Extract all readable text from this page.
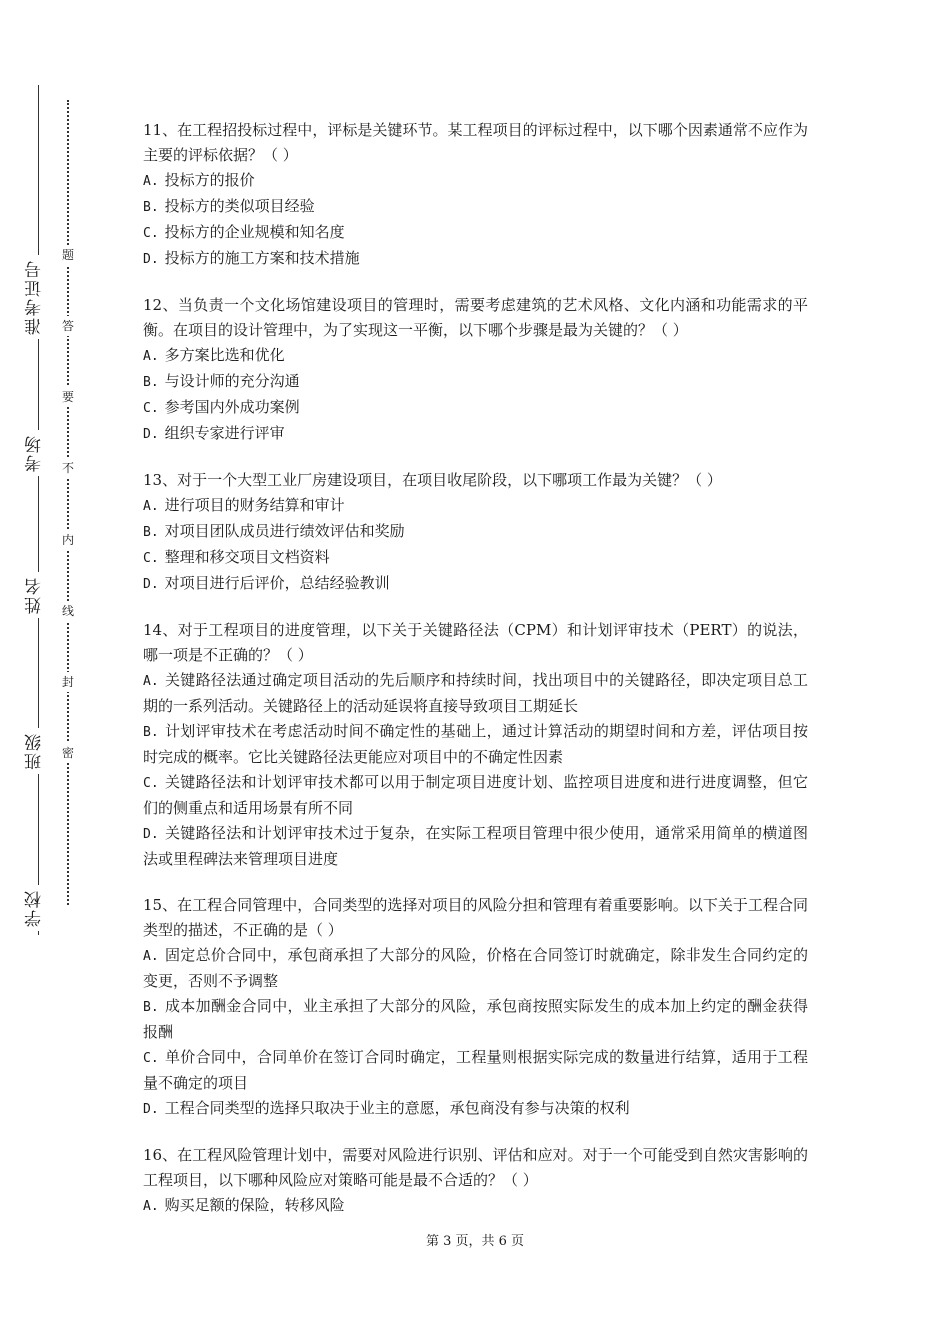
准考证号
考场
姓名
班级
学校
题
答
要
不
内
线
封
密

11、在工程招投标过程中，评标是关键环节。某工程项目的评标过程中，以下哪个因素通常不应作为主要的评标依据？（ ）

A. 投标方的报价
B. 投标方的类似项目经验
C. 投标方的企业规模和知名度
D. 投标方的施工方案和技术措施

12、当负责一个文化场馆建设项目的管理时，需要考虑建筑的艺术风格、文化内涵和功能需求的平衡。在项目的设计管理中，为了实现这一平衡，以下哪个步骤是最为关键的？（ ）

A. 多方案比选和优化
B. 与设计师的充分沟通
C. 参考国内外成功案例
D. 组织专家进行评审

13、对于一个大型工业厂房建设项目，在项目收尾阶段，以下哪项工作最为关键？（ ）

A. 进行项目的财务结算和审计
B. 对项目团队成员进行绩效评估和奖励
C. 整理和移交项目文档资料
D. 对项目进行后评价，总结经验教训

14、对于工程项目的进度管理，以下关于关键路径法（CPM）和计划评审技术（PERT）的说法，哪一项是不正确的？（ ）

A. 关键路径法通过确定项目活动的先后顺序和持续时间，找出项目中的关键路径，即决定项目总工期的一系列活动。关键路径上的活动延误将直接导致项目工期延长
B. 计划评审技术在考虑活动时间不确定性的基础上，通过计算活动的期望时间和方差，评估项目按时完成的概率。它比关键路径法更能应对项目中的不确定性因素
C. 关键路径法和计划评审技术都可以用于制定项目进度计划、监控项目进度和进行进度调整，但它们的侧重点和适用场景有所不同
D. 关键路径法和计划评审技术过于复杂，在实际工程项目管理中很少使用，通常采用简单的横道图法或里程碑法来管理项目进度

15、在工程合同管理中，合同类型的选择对项目的风险分担和管理有着重要影响。以下关于工程合同类型的描述，不正确的是（ ）

A. 固定总价合同中，承包商承担了大部分的风险，价格在合同签订时就确定，除非发生合同约定的变更，否则不予调整
B. 成本加酬金合同中，业主承担了大部分的风险，承包商按照实际发生的成本加上约定的酬金获得报酬
C. 单价合同中，合同单价在签订合同时确定，工程量则根据实际完成的数量进行结算，适用于工程量不确定的项目
D. 工程合同类型的选择只取决于业主的意愿，承包商没有参与决策的权利

16、在工程风险管理计划中，需要对风险进行识别、评估和应对。对于一个可能受到自然灾害影响的工程项目，以下哪种风险应对策略可能是最不合适的？（ ）

A. 购买足额的保险，转移风险
第 3 页，共 6 页
